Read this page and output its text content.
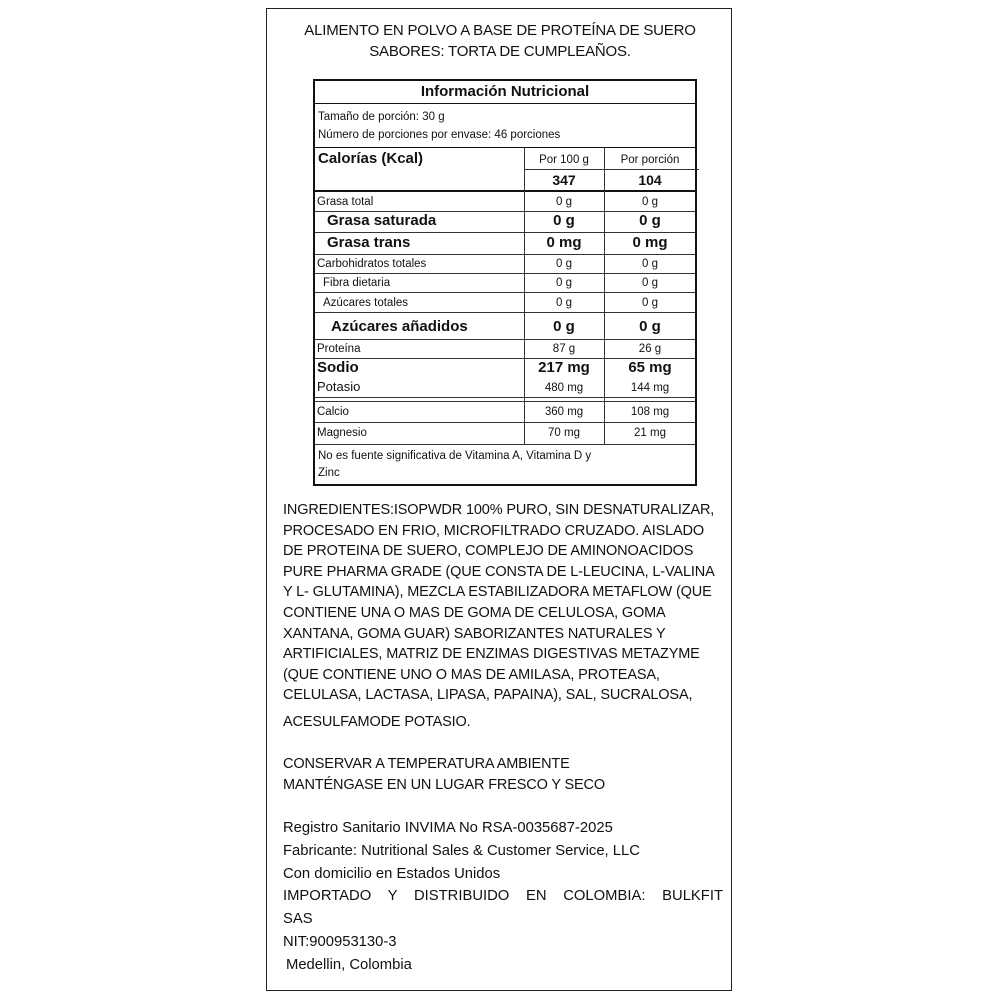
ALIMENTO EN POLVO A BASE DE PROTEÍNA DE SUERO
SABORES: TORTA DE CUMPLEAÑOS.
Información Nutricional
Tamaño de porción: 30 g
Número de porciones por envase: 46 porciones
Calorías (Kcal)	Por 100 g	Por porción
347	104
Grasa total	0 g	0 g
Grasa saturada	0 g	0 g
Grasa trans	0 mg	0 mg
Carbohidratos totales	0 g	0 g
Fibra dietaria	0 g	0 g
Azúcares totales	0 g	0 g
Azúcares añadidos	0 g	0 g
Proteína	87 g	26 g
Sodio	217 mg	65 mg
Potasio	480 mg	144 mg
Calcio	360 mg	108 mg
Magnesio	70 mg	21 mg
No es fuente significativa de Vitamina A, Vitamina D y
Zinc
INGREDIENTES:ISOPWDR 100% PURO, SIN DESNATURALIZAR,
PROCESADO EN FRIO, MICROFILTRADO CRUZADO. AISLADO
DE PROTEINA DE SUERO, COMPLEJO DE AMINONOACIDOS
PURE PHARMA GRADE (QUE CONSTA DE L-LEUCINA, L-VALINA
Y L- GLUTAMINA), MEZCLA ESTABILIZADORA METAFLOW (QUE
CONTIENE UNA O MAS DE GOMA DE CELULOSA, GOMA
XANTANA, GOMA GUAR) SABORIZANTES NATURALES Y
ARTIFICIALES, MATRIZ DE ENZIMAS DIGESTIVAS METAZYME
(QUE CONTIENE UNO O MAS DE AMILASA, PROTEASA,
CELULASA, LACTASA, LIPASA, PAPAINA), SAL, SUCRALOSA,
ACESULFAMODE POTASIO.
CONSERVAR A TEMPERATURA AMBIENTE
MANTÉNGASE EN UN LUGAR FRESCO Y SECO
Registro Sanitario INVIMA No RSA-0035687-2025
Fabricante: Nutritional Sales & Customer Service, LLC
Con domicilio en Estados Unidos
IMPORTADO Y DISTRIBUIDO EN COLOMBIA: BULKFIT
SAS
NIT:900953130-3
Medellin, Colombia
